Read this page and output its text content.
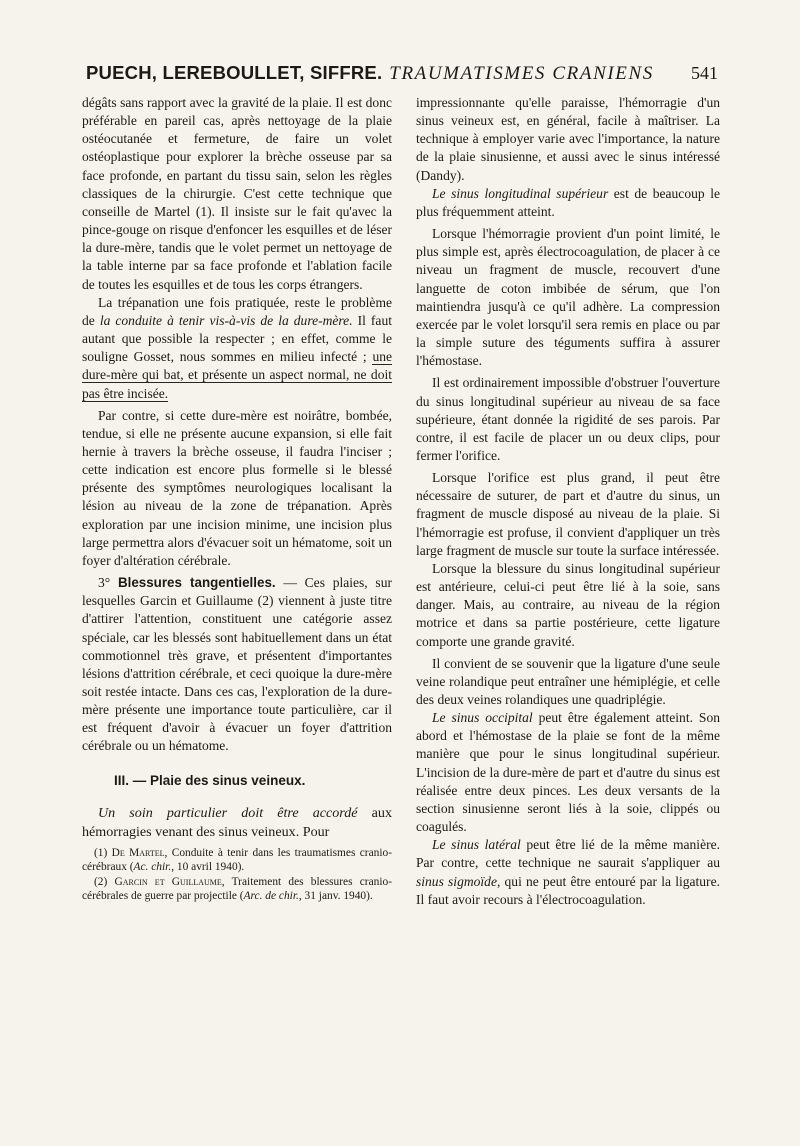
PUECH, LEREBOULLET, SIFFRE. TRAUMATISMES CRANIENS 541

dégâts sans rapport avec la gravité de la plaie. Il est donc préférable en pareil cas, après nettoyage de la plaie ostéocutanée et fermeture, de faire un volet ostéoplastique pour explorer la brèche osseuse par sa face profonde, en partant du tissu sain, selon les règles classiques de la chirurgie. C'est cette technique que conseille de Martel (1). Il insiste sur le fait qu'avec la pince-gouge on risque d'enfoncer les esquilles et de léser la dure-mère, tandis que le volet permet un nettoyage de la table interne par sa face profonde et l'ablation facile de toutes les esquilles et de tous les corps étrangers.

La trépanation une fois pratiquée, reste le problème de la conduite à tenir vis-à-vis de la dure-mère. Il faut autant que possible la respecter ; en effet, comme le souligne Gosset, nous sommes en milieu infecté ; une dure-mère qui bat, et présente un aspect normal, ne doit pas être incisée.

Par contre, si cette dure-mère est noirâtre, bombée, tendue, si elle ne présente aucune expansion, si elle fait hernie à travers la brèche osseuse, il faudra l'inciser ; cette indication est encore plus formelle si le blessé présente des symptômes neurologiques localisant la lésion au niveau de la zone de trépanation. Après exploration par une incision minime, une incision plus large permettra alors d'évacuer soit un hématome, soit un foyer d'altération cérébrale.

3° Blessures tangentielles. — Ces plaies, sur lesquelles Garcin et Guillaume (2) viennent à juste titre d'attirer l'attention, constituent une catégorie assez spéciale, car les blessés sont habituellement dans un état commotionnel très grave, et présentent d'importantes lésions d'attrition cérébrale, et ceci quoique la dure-mère soit restée intacte. Dans ces cas, l'exploration de la dure-mère présente une importance toute particulière, car il est fréquent d'avoir à évacuer un foyer d'attrition cérébrale ou un hématome.

III. — Plaie des sinus veineux.

Un soin particulier doit être accordé aux hémorragies venant des sinus veineux. Pour

(1) De Martel, Conduite à tenir dans les traumatismes cranio-cérébraux (Ac. chir., 10 avril 1940).

(2) Garcin et Guillaume, Traitement des blessures cranio-cérébrales de guerre par projectile (Arc. de chir., 31 janv. 1940).

impressionnante qu'elle paraisse, l'hémorragie d'un sinus veineux est, en général, facile à maîtriser. La technique à employer varie avec l'importance, la nature de la plaie sinusienne, et aussi avec le sinus intéressé (Dandy).

Le sinus longitudinal supérieur est de beaucoup le plus fréquemment atteint.

Lorsque l'hémorragie provient d'un point limité, le plus simple est, après électrocoagulation, de placer à ce niveau un fragment de muscle, recouvert d'une languette de coton imbibée de sérum, que l'on maintiendra jusqu'à ce qu'il adhère. La compression exercée par le volet lorsqu'il sera remis en place ou par la simple suture des téguments suffira à assurer l'hémostase.

Il est ordinairement impossible d'obstruer l'ouverture du sinus longitudinal supérieur au niveau de sa face supérieure, étant donnée la rigidité de ses parois. Par contre, il est facile de placer un ou deux clips, pour fermer l'orifice.

Lorsque l'orifice est plus grand, il peut être nécessaire de suturer, de part et d'autre du sinus, un fragment de muscle disposé au niveau de la plaie. Si l'hémorragie est profuse, il convient d'appliquer un très large fragment de muscle sur toute la surface intéressée.

Lorsque la blessure du sinus longitudinal supérieur est antérieure, celui-ci peut être lié à la soie, sans danger. Mais, au contraire, au niveau de la région motrice et dans sa partie postérieure, cette ligature comporte une grande gravité.

Il convient de se souvenir que la ligature d'une seule veine rolandique peut entraîner une hémiplégie, et celle des deux veines rolandiques une quadriplégie.

Le sinus occipital peut être également atteint. Son abord et l'hémostase de la plaie se font de la même manière que pour le sinus longitudinal supérieur. L'incision de la dure-mère de part et d'autre du sinus est réalisée entre deux pinces. Les deux versants de la section sinusienne seront liés à la soie, clippés ou coagulés.

Le sinus latéral peut être lié de la même manière. Par contre, cette technique ne saurait s'appliquer au sinus sigmoïde, qui ne peut être entouré par la ligature. Il faut avoir recours à l'électrocoagulation.
